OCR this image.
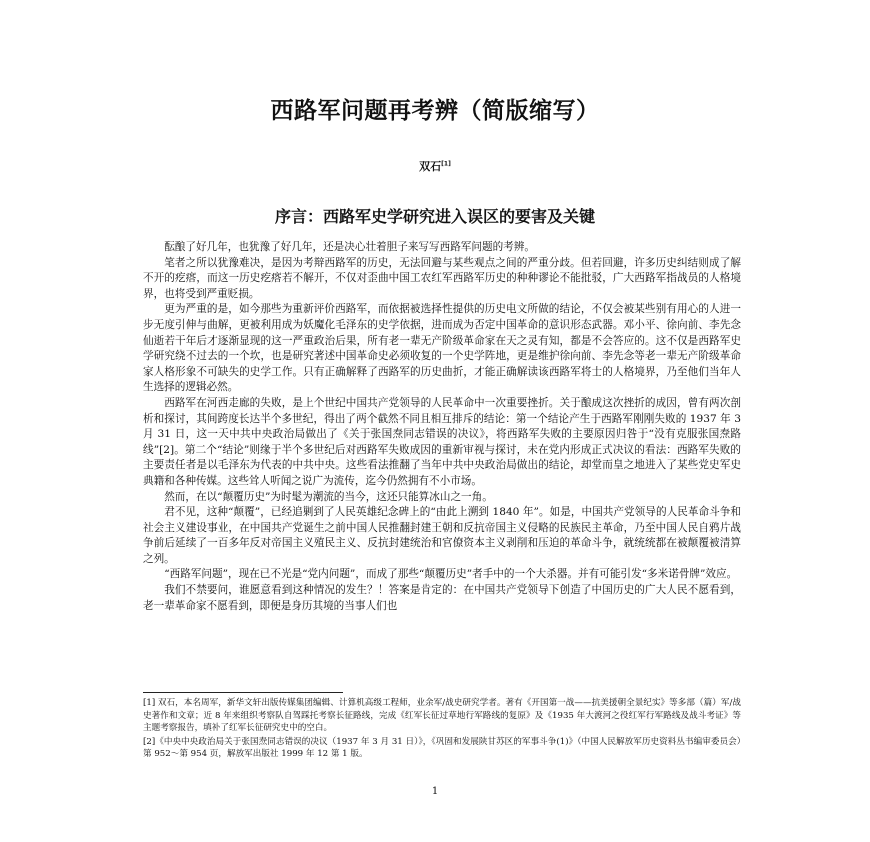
西路军问题再考辨（简版缩写）
双石[1]
序言：西路军史学研究进入误区的要害及关键

酝酿了好几年，也犹豫了好几年，还是决心壮着胆子来写写西路军问题的考辨。

笔者之所以犹豫难决，是因为考辩西路军的历史，无法回避与某些观点之间的严重分歧。但若回避，许多历史纠结则成了解不开的疙瘩，而这一历史疙瘩若不解开，不仅对歪曲中国工农红军西路军历史的种种谬论不能批驳，广大西路军指战员的人格境界，也将受到严重贬损。

更为严重的是，如今那些为重新评价西路军，而依据被选择性提供的历史电文所做的结论，不仅会被某些别有用心的人进一步无度引伸与曲解，更被利用成为妖魔化毛泽东的史学依据，进而成为否定中国革命的意识形态武器。邓小平、徐向前、李先念仙逝若干年后才逐渐显现的这一严重政治后果，所有老一辈无产阶级革命家在天之灵有知，都是不会答应的。这不仅是西路军史学研究绕不过去的一个坎，也是研究著述中国革命史必须收复的一个史学阵地，更是维护徐向前、李先念等老一辈无产阶级革命家人格形象不可缺失的史学工作。只有正确解释了西路军的历史曲折，才能正确解读该西路军将士的人格境界，乃至他们当年人生选择的逻辑必然。

西路军在河西走廊的失败，是上个世纪中国共产党领导的人民革命中一次重要挫折。关于酿成这次挫折的成因，曾有两次剖析和探讨，其间跨度长达半个多世纪，得出了两个截然不同且相互排斥的结论：第一个结论产生于西路军刚刚失败的 1937 年 3 月 31 日，这一天中共中央政治局做出了《关于张国焘同志错误的决议》，将西路军失败的主要原因归咎于“没有克服张国焘路线”[2]。第二个“结论”则缘于半个多世纪后对西路军失败成因的重新审视与探讨，未在党内形成正式决议的看法：西路军失败的主要责任者是以毛泽东为代表的中共中央。这些看法推翻了当年中共中央政治局做出的结论，却堂而皇之地进入了某些党史军史典籍和各种传媒。这些耸人听闻之说广为流传，迄今仍然拥有不小市场。

然而，在以“颠覆历史”为时髦为潮流的当今，这还只能算冰山之一角。

君不见，这种“颠覆”，已经追剿到了人民英雄纪念碑上的“由此上溯到 1840 年”。如是，中国共产党领导的人民革命斗争和社会主义建设事业，在中国共产党诞生之前中国人民推翻封建王朝和反抗帝国主义侵略的民族民主革命，乃至中国人民自鸦片战争前后延续了一百多年反对帝国主义殖民主义、反抗封建统治和官僚资本主义剥削和压迫的革命斗争，就统统都在被颠覆被清算之列。

“西路军问题”，现在已不光是“党内问题”，而成了那些“颠覆历史”者手中的一个大杀器。并有可能引发“多米诺骨牌”效应。

我们不禁要问，谁愿意看到这种情况的发生？！答案是肯定的：在中国共产党领导下创造了中国历史的广大人民不愿看到，老一辈革命家不愿看到，即便是身历其境的当事人们也

[1] 双石，本名周军，新华文轩出版传媒集团编辑、计算机高级工程师，业余军/战史研究学者。著有《开国第一战——抗美援朝全景纪实》等多部（篇）军/战史著作和文章；近 8 年来组织考察队自驾踩托考察长征路线，完成《红军长征过草地行军路线的复原》及《1935 年大渡河之役红军行军路线及战斗考证》等主题考察报告，填补了红军长征研究史中的空白。

[2]《中央中央政治局关于张国焘同志错误的决议（1937 年 3 月 31 日）》，《巩固和发展陕甘苏区的军事斗争(1)》（中国人民解放军历史资料丛书编审委员会）第 952～第 954 页，解放军出版社 1999 年 12 第 1 版。

1
